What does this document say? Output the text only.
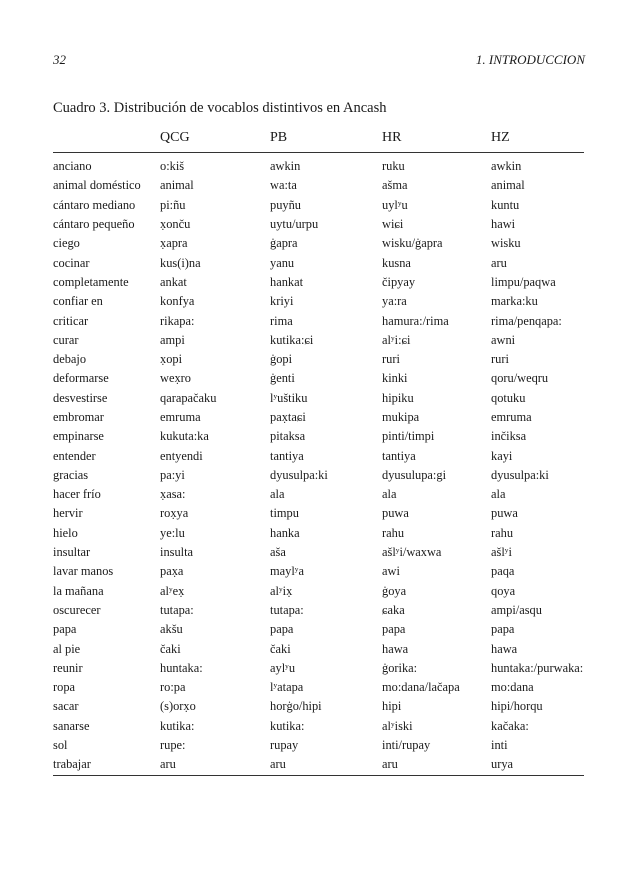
32	1. INTRODUCCION
Cuadro 3. Distribución de vocablos distintivos en Ancash
	QCG	PB	HR	HZ
anciano	o:kiš	awkin	ruku	awkin
animal doméstico	animal	wa:ta	ašma	animal
cántaro mediano	pi:ñu	puyñu	uylʸu	kuntu
cántaro pequeño	x̣onču	uytu/urpu	wiɕi	hawi
ciego	x̣apra	ġapra	wisku/ġapra	wisku
cocinar	kus(i)na	yanu	kusna	aru
completamente	ankat	hankat	čipyay	limpu/paqwa
confiar en	konfya	kriyi	ya:ra	marka:ku
criticar	rikapa:	rima	hamura:/rima	rima/penqapa:
curar	ampi	kutika:ɕi	alʸi:ɕi	awni
debajo	x̣opi	ġopi	ruri	ruri
deformarse	wex̣ro	ġenti	kinki	qoru/weqru
desvestirse	qarapačaku	lʸuštiku	hipiku	qotuku
embromar	emruma	pax̣taɕi	mukipa	emruma
empinarse	kukuta:ka	pitaksa	pinti/timpi	inčiksa
entender	entyendi	tantiya	tantiya	kayi
gracias	pa:yi	dyusulpa:ki	dyusulupa:gi	dyusulpa:ki
hacer frío	x̣asa:	ala	ala	ala
hervir	rox̣ya	timpu	puwa	puwa
hielo	ye:lu	hanka	rahu	rahu
insultar	insulta	aša	ašlʸi/waxwa	ašlʸi
lavar manos	pax̣a	maylʸa	awi	paqa
la mañana	alʸex̣	alʸix̣	ġoya	qoya
oscurecer	tutapa:	tutapa:	ɕaka	ampi/asqu
papa	akšu	papa	papa	papa
al pie	čaki	čaki	hawa	hawa
reunir	huntaka:	aylʸu	ġorika:	huntaka:/purwaka:
ropa	ro:pa	lʸatapa	mo:dana/lačapa	mo:dana
sacar	(s)orx̣o	horġo/hipi	hipi	hipi/horqu
sanarse	kutika:	kutika:	alʸiski	kačaka:
sol	rupe:	rupay	inti/rupay	inti
trabajar	aru	aru	aru	urya
